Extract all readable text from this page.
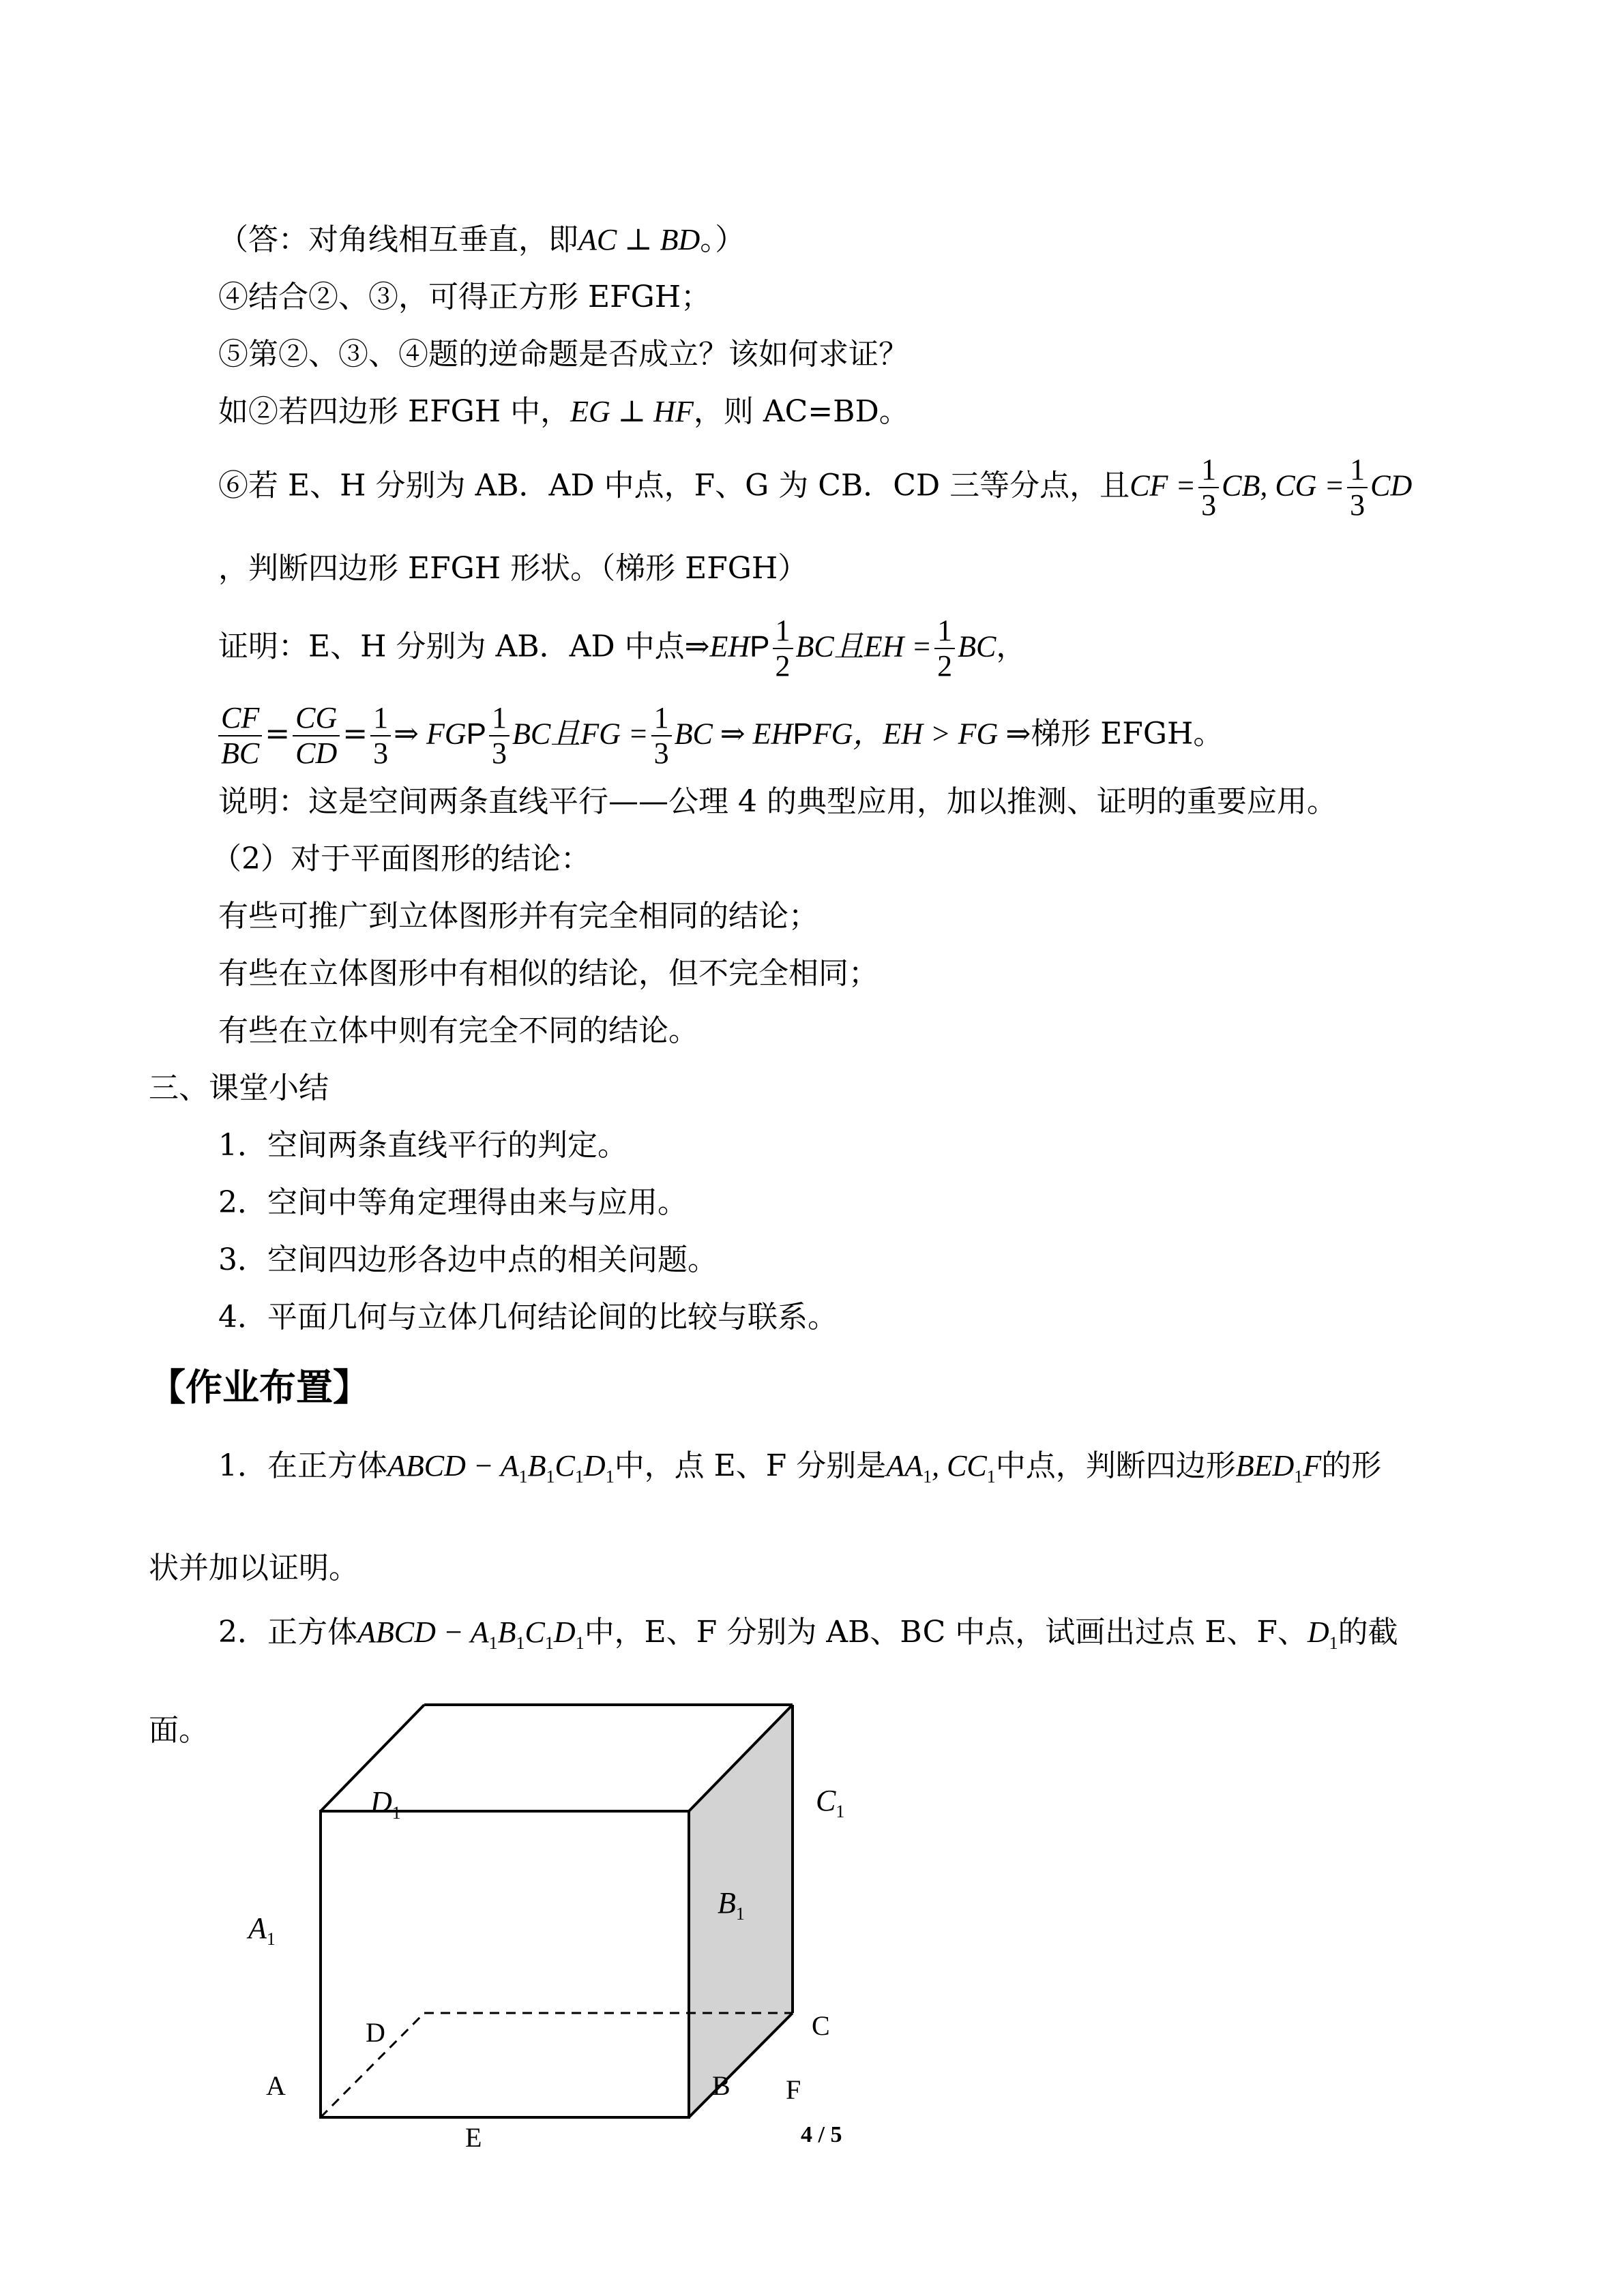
（答：对角线相互垂直，即AC ⊥ BD。）
④结合②、③，可得正方形 EFGH；
⑤第②、③、④题的逆命题是否成立？该如何求证？
如②若四边形 EFGH 中，EG ⊥ HF，则 AC=BD。
⑥若 E、H 分别为 AB．AD 中点，F、G 为 CB．CD 三等分点，且CF = $\frac{1}{3}$ CB, CG = $\frac{1}{3}$ CD
，判断四边形 EFGH 形状。（梯形 EFGH）
证明：E、H 分别为 AB．AD 中点⇒EHP $\frac{1}{2}$ BC且EH = $\frac{1}{2}$ BC，
$\frac{CF}{BC} = \frac{CG}{CD} = \frac{1}{3}$ ⇒ FGP $\frac{1}{3}$ BC且FG = $\frac{1}{3}$ BC ⇒ EHPFG，EH > FG ⇒梯形 EFGH。
说明：这是空间两条直线平行——公理 4 的典型应用，加以推测、证明的重要应用。
（2）对于平面图形的结论：
有些可推广到立体图形并有完全相同的结论；
有些在立体图形中有相似的结论，但不完全相同；
有些在立体中则有完全不同的结论。
三、课堂小结
1．空间两条直线平行的判定。
2．空间中等角定理得由来与应用。
3．空间四边形各边中点的相关问题。
4．平面几何与立体几何结论间的比较与联系。
【作业布置】
1．在正方体ABCD − $A_1B_1C_1D_1$中，点 E、F 分别是$AA_1$, $CC_1$中点，判断四边形$BED_1F$的形
状并加以证明。
2．正方体ABCD − $A_1B_1C_1D_1$中，E、F 分别为 AB、BC 中点，试画出过点 E、F、$D_1$的截
面。
$D_1$	$C_1$
$A_1$
$B_1$
D	C
A	B F
E	4 / 5
